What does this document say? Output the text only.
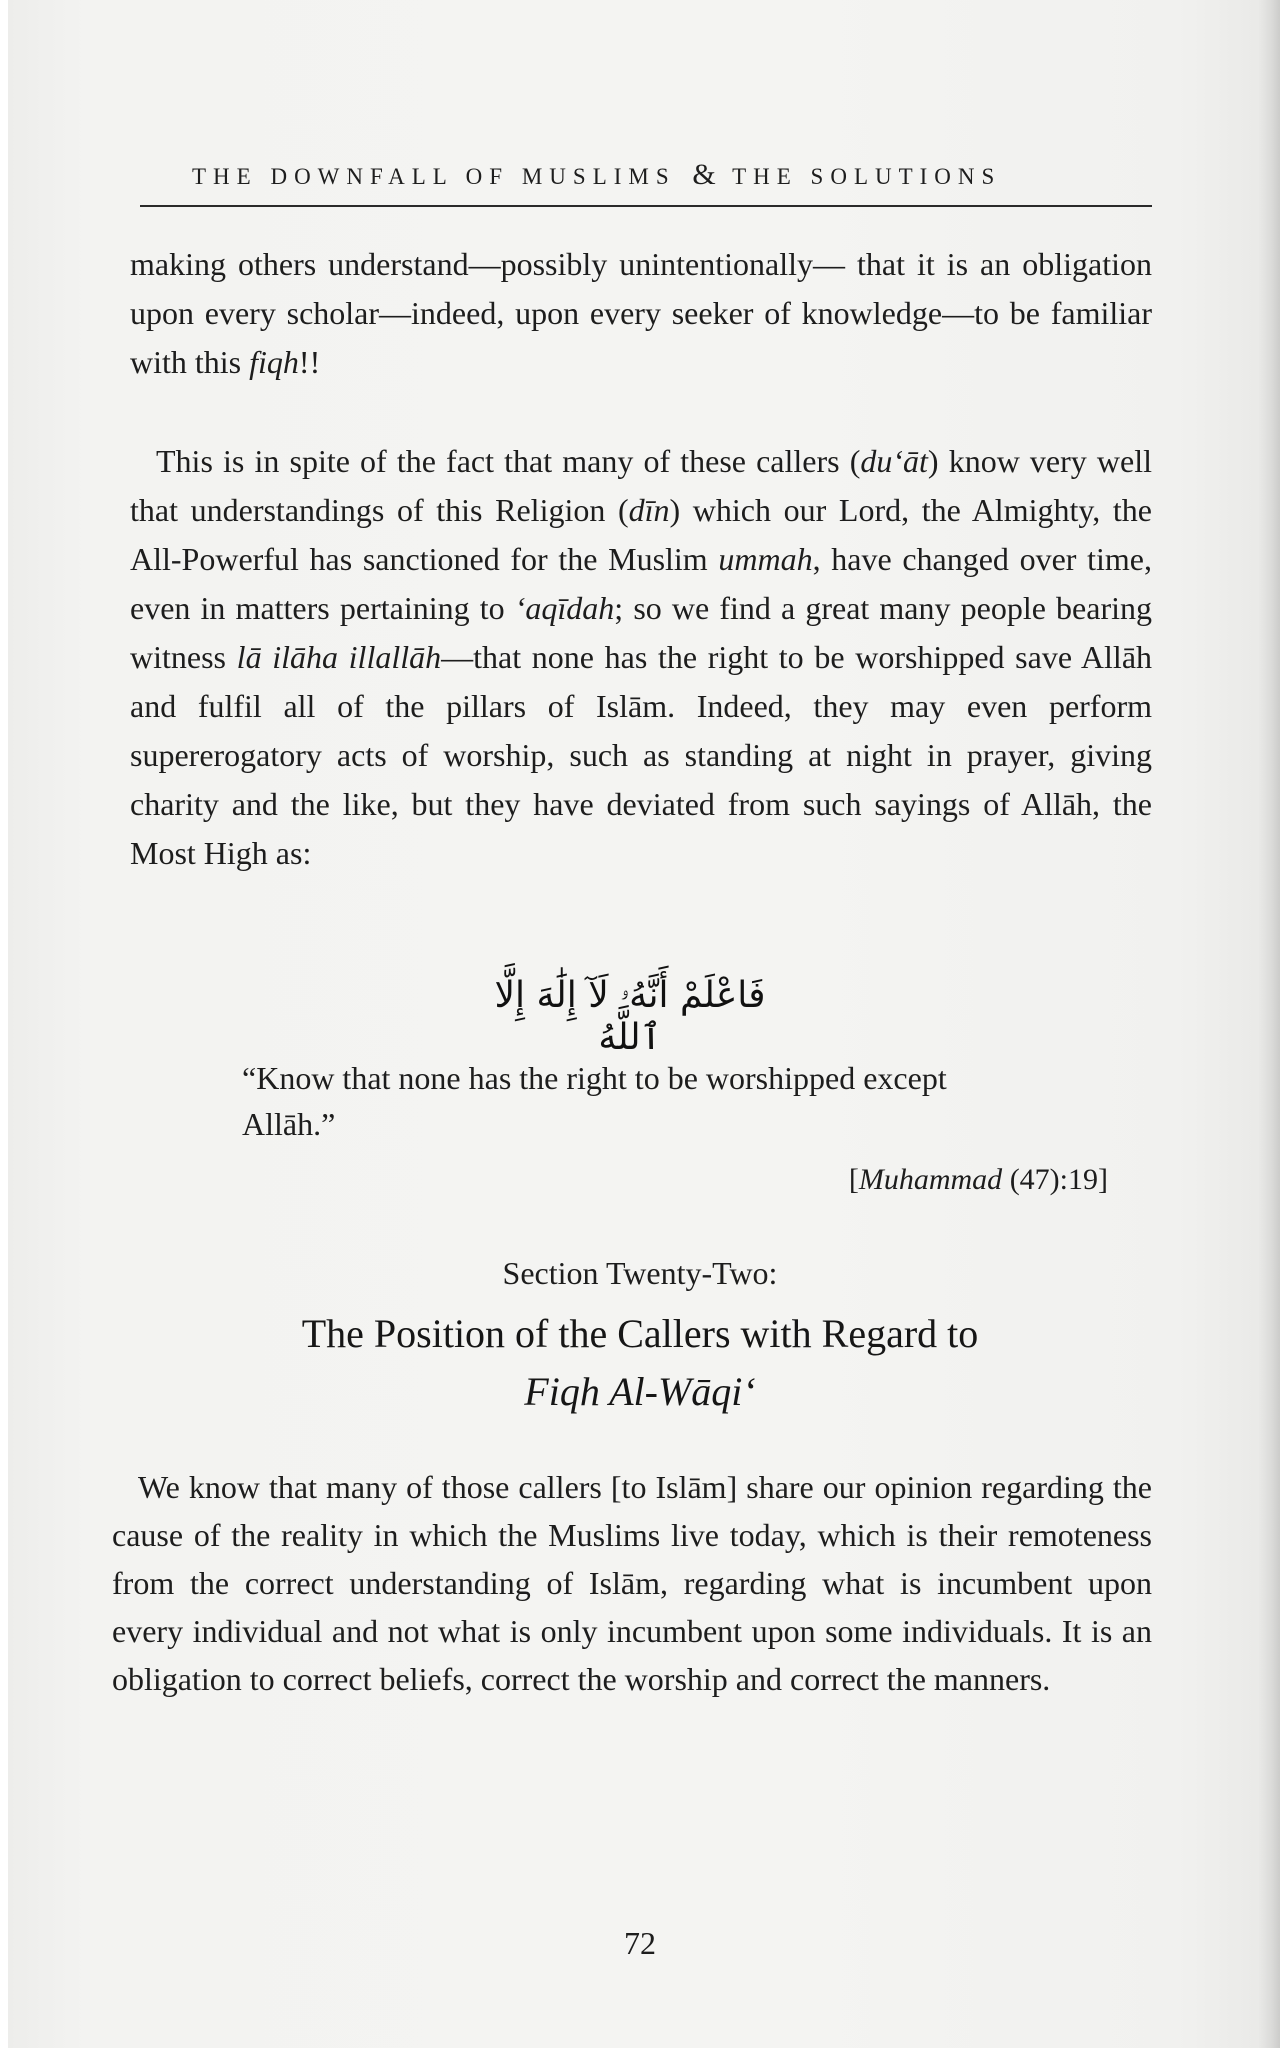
THE DOWNFALL OF MUSLIMS & THE SOLUTIONS
making others understand—possibly unintentionally— that it is an obligation upon every scholar—indeed, upon every seeker of knowledge—to be familiar with this fiqh!!
This is in spite of the fact that many of these callers (du‘āt) know very well that understandings of this Religion (dīn) which our Lord, the Almighty, the All-Powerful has sanctioned for the Muslim ummah, have changed over time, even in matters pertaining to ‘aqīdah; so we find a great many people bearing witness lā ilāha illallāh—that none has the right to be worshipped save Allāh and fulfil all of the pillars of Islām. Indeed, they may even perform supererogatory acts of worship, such as standing at night in prayer, giving charity and the like, but they have deviated from such sayings of Allāh, the Most High as:
فَاعْلَمْ أَنَّهُۥ لَآ إِلَٰهَ إِلَّا ٱللَّهُ
“Know that none has the right to be worshipped except Allāh.”
[Muhammad (47):19]
Section Twenty-Two:
The Position of the Callers with Regard to
Fiqh Al-Wāqi‘
We know that many of those callers [to Islām] share our opinion regarding the cause of the reality in which the Muslims live today, which is their remoteness from the correct understanding of Islām, regarding what is incumbent upon every individual and not what is only incumbent upon some individuals. It is an obligation to correct beliefs, correct the worship and correct the manners.
72
